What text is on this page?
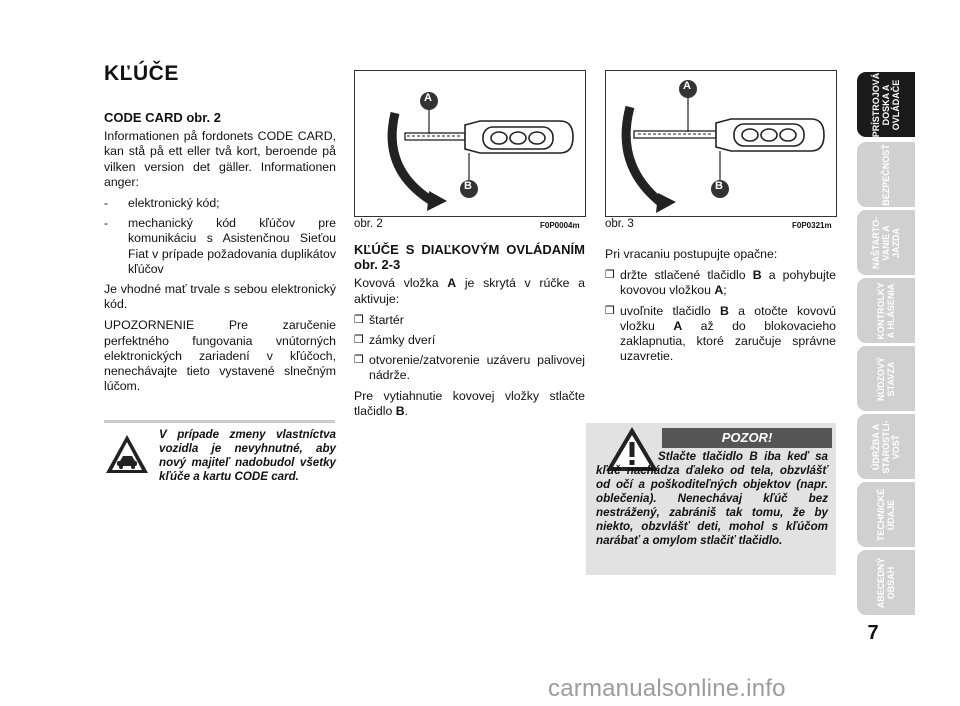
KĽÚČE

CODE CARD obr. 2

Informationen på fordonets CODE CARD, kan stå på ett eller två kort, beroende på vilken version det gäller. Informationen anger:

-	elektronický kód;
-	mechanický kód kľúčov pre komunikáciu s Asistenčnou Sieťou Fiat v prípade požadovania duplikátov kľúčov

Je vhodné mať trvale s sebou elektronický kód.

UPOZORNENIE Pre zaručenie perfektného fungovania vnútorných elektronických zariadení v kľúčoch, nenechávajte tieto vystavené slnečným lúčom.

V prípade zmeny vlastníctva vozidla je nevyhnutné, aby nový majiteľ nadobudol všetky kľúče a kartu CODE card.
A
B
obr. 2	F0P0004m
A
B
obr. 3	F0P0321m

KĽÚČE S DIAĽKOVÝM OVLÁDANÍM obr. 2-3

Kovová vložka A je skrytá v rúčke a aktivuje:

❒ štartér
❒ zámky dverí
❒ otvorenie/zatvorenie uzáveru palivovej nádrže.

Pre vytiahnutie kovovej vložky stlačte tlačidlo B.

Pri vracaniu postupujte opačne:

❒ držte stlačené tlačidlo B a pohybujte kovovou vložkou A;
❒ uvoľnite tlačidlo B a otočte kovovú vložku A až do blokovacieho zaklapnutia, ktoré zaručuje správne uzavretie.
POZOR!
Stlačte tlačidlo B iba keď sa kľúč nachádza ďaleko od tela, obzvlášť od očí a poškoditeľných objektov (napr. oblečenia). Nenechávaj kľúč bez nestrážený, zabrániš tak tomu, že by niekto, obzvlášť deti, mohol s kľúčom narábať a omylom stlačiť tlačidlo.
PRÍSTROJOVÁ
DOSKA A
OVLÁDAČE
BEZPEČNOSŤ
NAŠTARTO-
VANIE A
JAZDA
KONTROLKY
A HLÁSENIA
NÚDZOVÝ
STAVZA
ÚDRŽBA A
STAROSTLI-
VOSŤ
TECHNICKÉ
ÚDAJE
ABECEDNÝ
OBSAH
7
carmanualsonline.info
